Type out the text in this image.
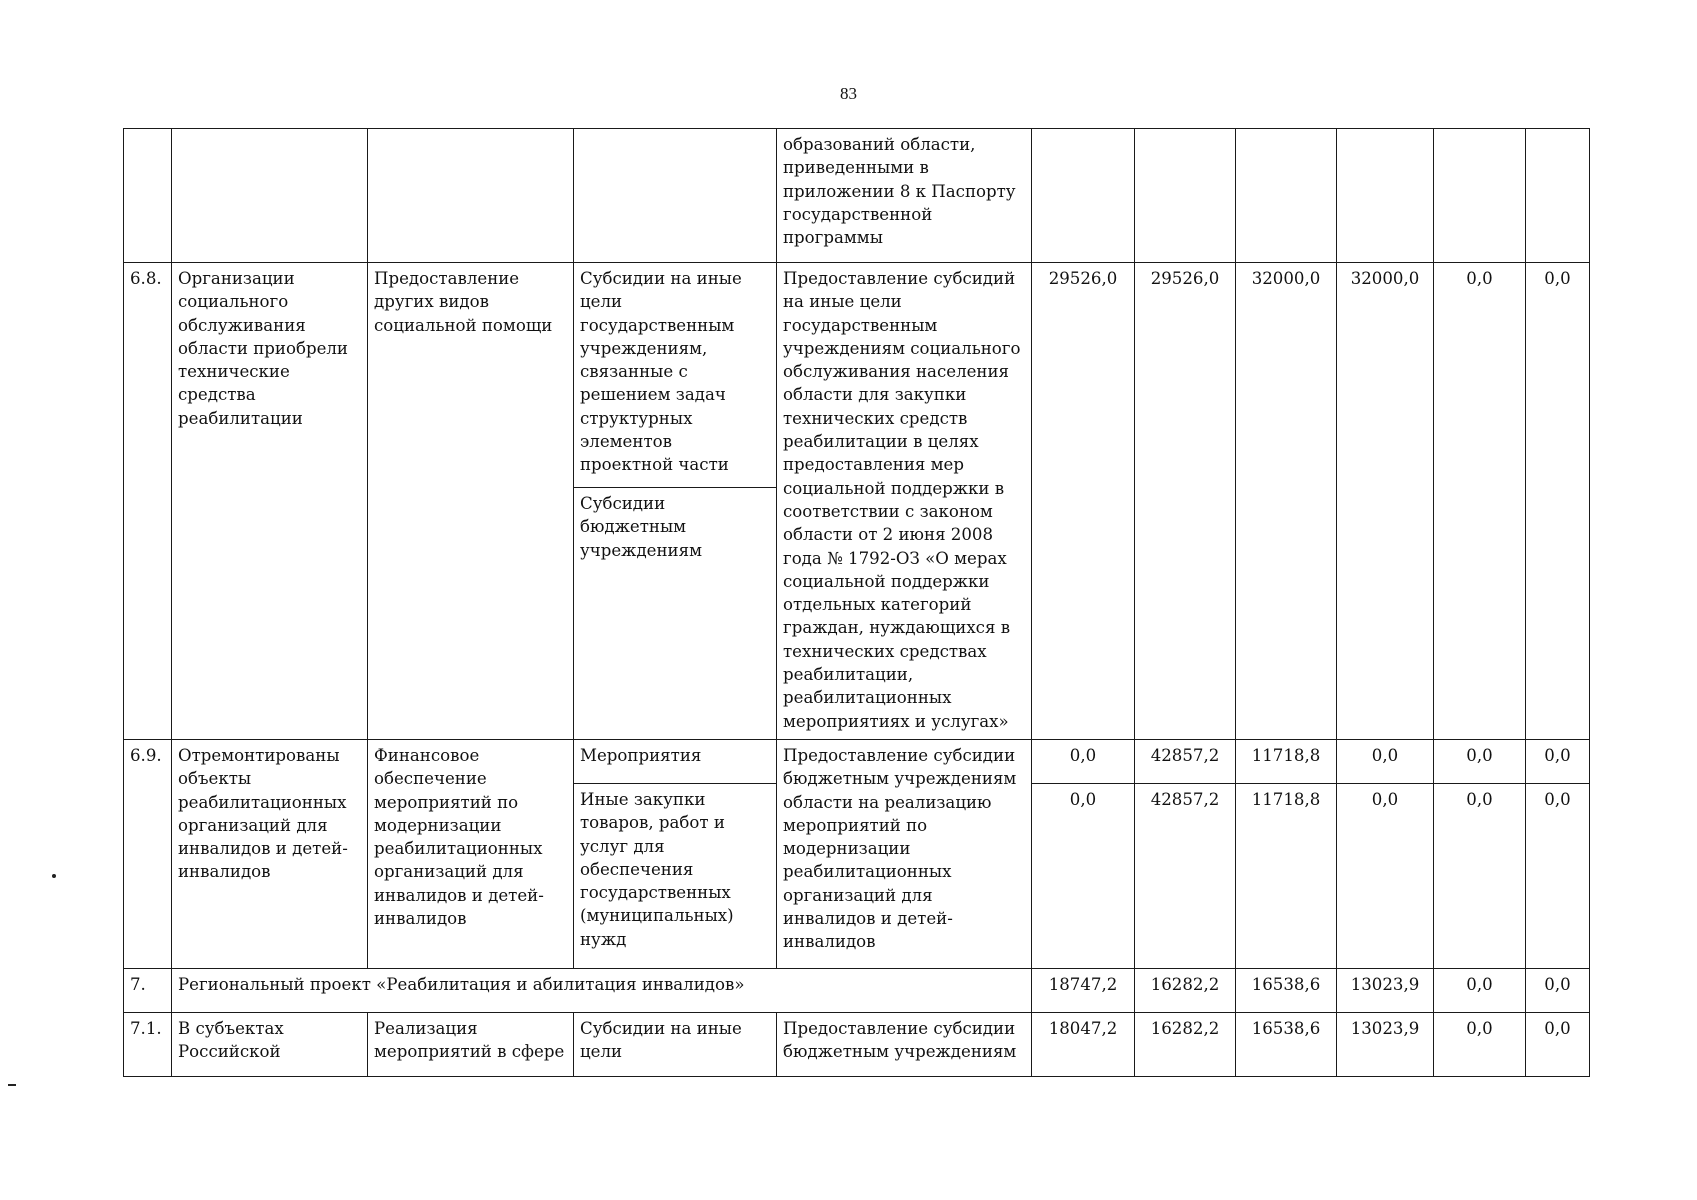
83
				образований области, приведенными в приложении 8 к Паспорту государственной программы						
6.8.	Организации социального обслуживания области приобрели технические средства реабилитации	Предоставление других видов социальной помощи	Субсидии на иные цели государственным учреждениям, связанные с решением задач структурных элементов проектной части	Предоставление субсидий на иные цели государственным учреждениям социального обслуживания населения области для закупки технических средств реабилитации в целях предоставления мер социальной поддержки в соответствии с законом области от 2 июня 2008 года № 1792-ОЗ «О мерах социальной поддержки отдельных категорий граждан, нуждающихся в технических средствах реабилитации, реабилитационных мероприятиях и услугах»	29526,0	29526,0	32000,0	32000,0	0,0	0,0
			Субсидии бюджетным учреждениям							
6.9.	Отремонтированы объекты реабилитационных организаций для инвалидов и детей-инвалидов	Финансовое обеспечение мероприятий по модернизации реабилитационных организаций для инвалидов и детей-инвалидов	Мероприятия	Предоставление субсидии бюджетным учреждениям области на реализацию мероприятий по модернизации реабилитационных организаций для инвалидов и детей-инвалидов	0,0	42857,2	11718,8	0,0	0,0	0,0
			Иные закупки товаров, работ и услуг для обеспечения государственных (муниципальных) нужд		0,0	42857,2	11718,8	0,0	0,0	0,0
7.	Региональный проект «Реабилитация и абилитация инвалидов»				18747,2	16282,2	16538,6	13023,9	0,0	0,0
7.1.	В субъектах Российской	Реализация мероприятий в сфере	Субсидии на иные цели	Предоставление субсидии бюджетным учреждениям	18047,2	16282,2	16538,6	13023,9	0,0	0,0
